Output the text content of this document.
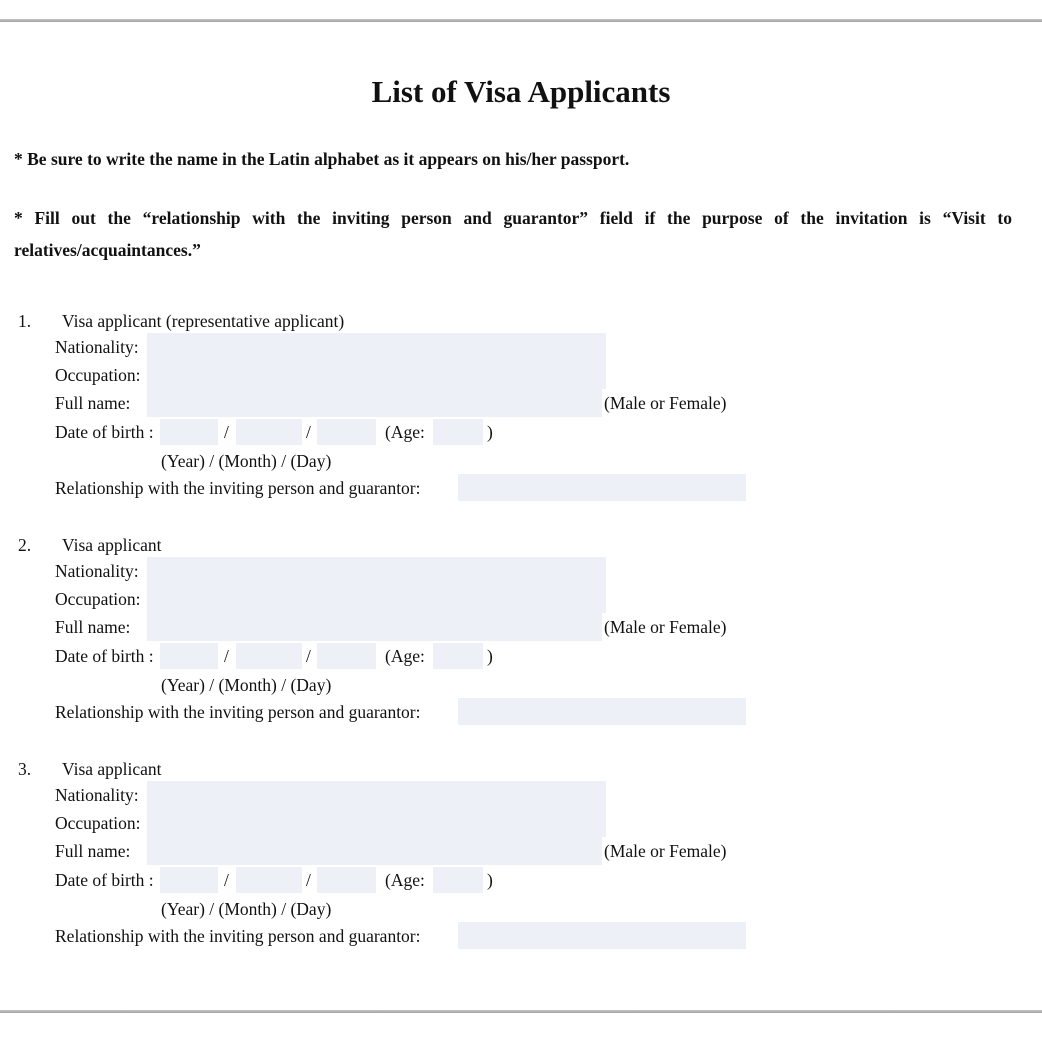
List of Visa Applicants

* Be sure to write the name in the Latin alphabet as it appears on his/her passport.

* Fill out the “relationship with the inviting person and guarantor” field if the purpose of the invitation is “Visit to relatives/acquaintances.”

1. Visa applicant (representative applicant)
Nationality:
Occupation:
Full name:	(Male or Female)
Date of birth :	/	/	(Age:	)
(Year) / (Month) / (Day)
Relationship with the inviting person and guarantor:
2. Visa applicant
Nationality:
Occupation:
Full name:	(Male or Female)
Date of birth :	/	/	(Age:	)
(Year) / (Month) / (Day)
Relationship with the inviting person and guarantor:
3. Visa applicant
Nationality:
Occupation:
Full name:	(Male or Female)
Date of birth :	/	/	(Age:	)
(Year) / (Month) / (Day)
Relationship with the inviting person and guarantor:
